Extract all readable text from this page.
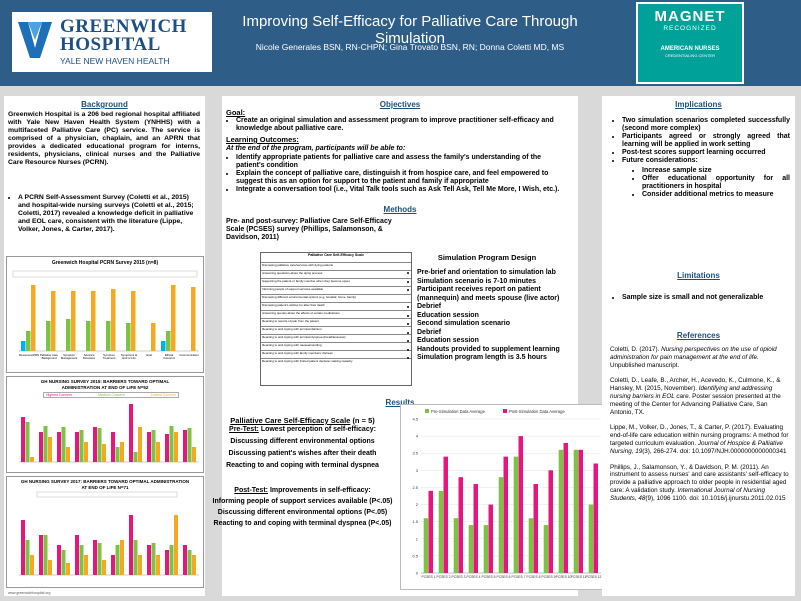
GREENWICH
HOSPITAL
YALE NEW HAVEN HEALTH
Improving Self-Efficacy for Palliative Care Through Simulation
Nicole Generales BSN, RN-CHPN; Gina Trovato BSN, RN; Donna Coletti MD, MS
MAGNET
RECOGNIZED
AMERICAN NURSES
CREDENTIALING CENTER
Background
Greenwich Hospital is a 206 bed regional hospital affiliated with Yale New Haven Health System (YNHHS) with a multifaceted Palliative Care (PC) service. The service is comprised of a physician, chaplain, and an APRN that provides a dedicated educational program for interns, residents, physicians, clinical nurses and the Palliative Care Resource Nurses (PCRN).
• A PCRN Self-Assessment Survey (Coletti et al., 2015) and hospital-wide nursing surveys (Coletti et al., 2015; Coletti, 2017) revealed a knowledge deficit in palliative and EOL care, consistent with the literature (Lippe, Volker, Jones, & Carter, 2017).
Greenwich Hospital PCRN Survey 2015 (n=8)
Resources/PRN Palliative Care Background
Symptom Management
Advance Directives
Symptom Treatment
Symptoms at End of Life
Grief	Ethical Concerns
Communication
GH NURSING SURVEY 2015: BARRIERS TOWARD OPTIMAL
ADMINISTRATION AT END OF LIFE N=52
Highest Concern	Medium Concern	Lowest Concern
GH NURSING SURVEY 2017: BARRIERS TOWARD OPTIMAL ADMINISTRATION
AT END OF LIFE N=71
www.greenwichhospital.org
Objectives
Goal:
• Create an original simulation and assessment program to improve practitioner self-efficacy and knowledge about palliative care.
Learning Outcomes:
At the end of the program, participants will be able to:
• Identify appropriate patients for palliative care and assess the family's understanding of the patient's condition
• Explain the concept of palliative care, distinguish it from hospice care, and feel empowered to suggest this as an option for support to the patient and family if appropriate
• Integrate a conversation tool (i.e., Vital Talk tools such as Ask Tell Ask, Tell Me More, I Wish, etc.).
Methods
Pre- and post-survey: Palliative Care Self-Efficacy Scale (PCSES) survey (Phillips, Salamonson, & Davidson, 2011)
Palliative Care Self-Efficacy Scale
Discussing palliative care/services with dying patients
Answering questions about the dying process
Supporting the patient or family member when they become upset
Informing people of support services available
Discussing different environmental options (e.g. hospital, home, family)
Discussing patient's wishes for after their death
Answering queries about the effects of certain medications
Reacting to reports of pain from the patient
Reacting to and coping with terminal delirium
Reacting to and coping with terminal dyspnea (breathlessness)
Reacting to and coping with nausea/vomiting
Reacting to and coping with family members' distress
Reacting to and coping with limited patient decision-making capacity
Simulation Program Design
• Pre-brief and orientation to simulation lab
• Simulation scenario is 7-10 minutes
• Participant receives report on patient (mannequin) and meets spouse (live actor)
• Debrief
• Education session
• Second simulation scenario
• Debrief
• Education session
• Handouts provided to supplement learning
• Simulation program length is 3.5 hours
Results
Palliative Care Self-Efficacy Scale (n = 5)
Pre-Test: Lowest perception of self-efficacy:
Discussing different environmental options
Discussing patient's wishes after their death
Reacting to and coping with terminal dyspnea
Post-Test: Improvements in self-efficacy:
Informing people of support services available (P<.05)
Discussing different environmental options (P<.05)
Reacting to and coping with terminal dyspnea (P<.05)
Pre-Simulation Data Average	Post-Simulation Data Average
0
0.5
1
1.5
2
2.5
3
3.5
4
4.5
PCSES 1 PCSES 2 PCSES 3 PCSES 4 PCSES 5 PCSES 6 PCSES 7 PCSES 8 PCSES 9 PCSES 10 PCSES 11 PCSES 12
Implications
• Two simulation scenarios completed successfully (second more complex)
• Participants agreed or strongly agreed that learning will be applied in work setting
• Post-test scores support learning occurred
• Future considerations:
• Increase sample size
• Offer educational opportunity for all practitioners in hospital
• Consider additional metrics to measure
Limitations
• Sample size is small and not generalizable
References

Coletti, D. (2017). Nursing perspectives on the use of opioid administration for pain management at the end of life. Unpublished manuscript.

Coletti, D., Leafe, B., Archer, H., Acevedo, K., Culmone, K., & Hansley, M. (2015, November). Identifying and addressing nursing barriers in EOL care. Poster session presented at the meeting of the Center for Advancing Palliative Care, San Antonio, TX.

Lippe, M., Volker, D., Jones, T., & Carter, P. (2017). Evaluating end-of-life care education within nursing programs: A method for targeted curriculum evaluation. Journal of Hospice & Palliative Nursing, 19(3), 266-274. doi: 10.1097/NJH.0000000000000341

Phillips, J., Salamonson, Y., & Davidson, P. M. (2011). An instrument to assess nurses' and care assistants' self-efficacy to provide a palliative approach to older people in residential aged care: A validation study. International Journal of Nursing Students, 48(9), 1096 1100. doi: 10.1016/j.ijnurstu.2011.02.015
